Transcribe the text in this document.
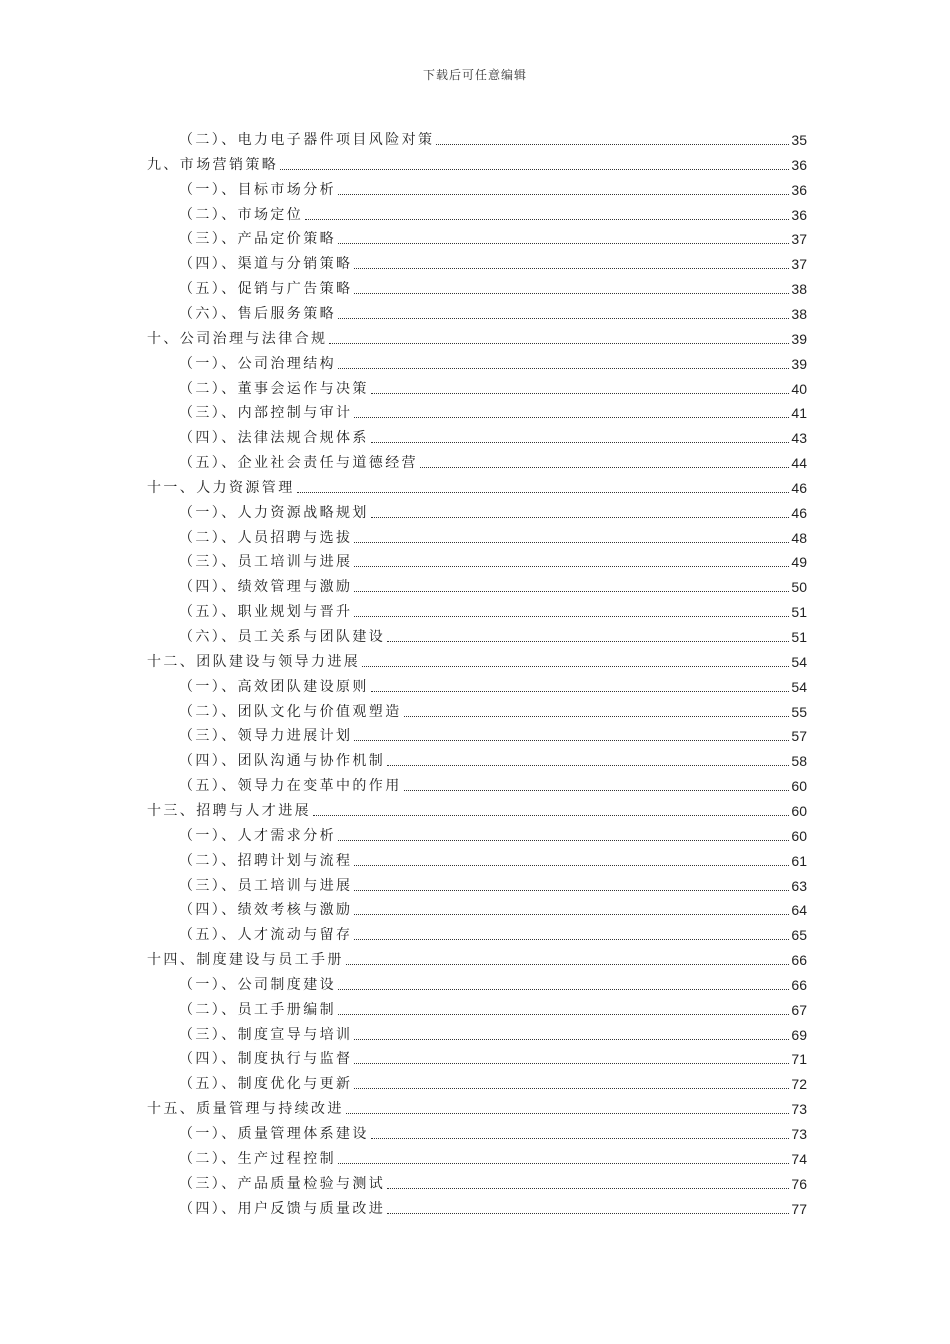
下载后可任意编辑
（二）、电力电子器件项目风险对策	35
九、市场营销策略	36
（一）、目标市场分析	36
（二）、市场定位	36
（三）、产品定价策略	37
（四）、渠道与分销策略	37
（五）、促销与广告策略	38
（六）、售后服务策略	38
十、公司治理与法律合规	39
（一）、公司治理结构	39
（二）、董事会运作与决策	40
（三）、内部控制与审计	41
（四）、法律法规合规体系	43
（五）、企业社会责任与道德经营	44
十一、人力资源管理	46
（一）、人力资源战略规划	46
（二）、人员招聘与选拔	48
（三）、员工培训与进展	49
（四）、绩效管理与激励	50
（五）、职业规划与晋升	51
（六）、员工关系与团队建设	51
十二、团队建设与领导力进展	54
（一）、高效团队建设原则	54
（二）、团队文化与价值观塑造	55
（三）、领导力进展计划	57
（四）、团队沟通与协作机制	58
（五）、领导力在变革中的作用	60
十三、招聘与人才进展	60
（一）、人才需求分析	60
（二）、招聘计划与流程	61
（三）、员工培训与进展	63
（四）、绩效考核与激励	64
（五）、人才流动与留存	65
十四、制度建设与员工手册	66
（一）、公司制度建设	66
（二）、员工手册编制	67
（三）、制度宣导与培训	69
（四）、制度执行与监督	71
（五）、制度优化与更新	72
十五、质量管理与持续改进	73
（一）、质量管理体系建设	73
（二）、生产过程控制	74
（三）、产品质量检验与测试	76
（四）、用户反馈与质量改进	77
